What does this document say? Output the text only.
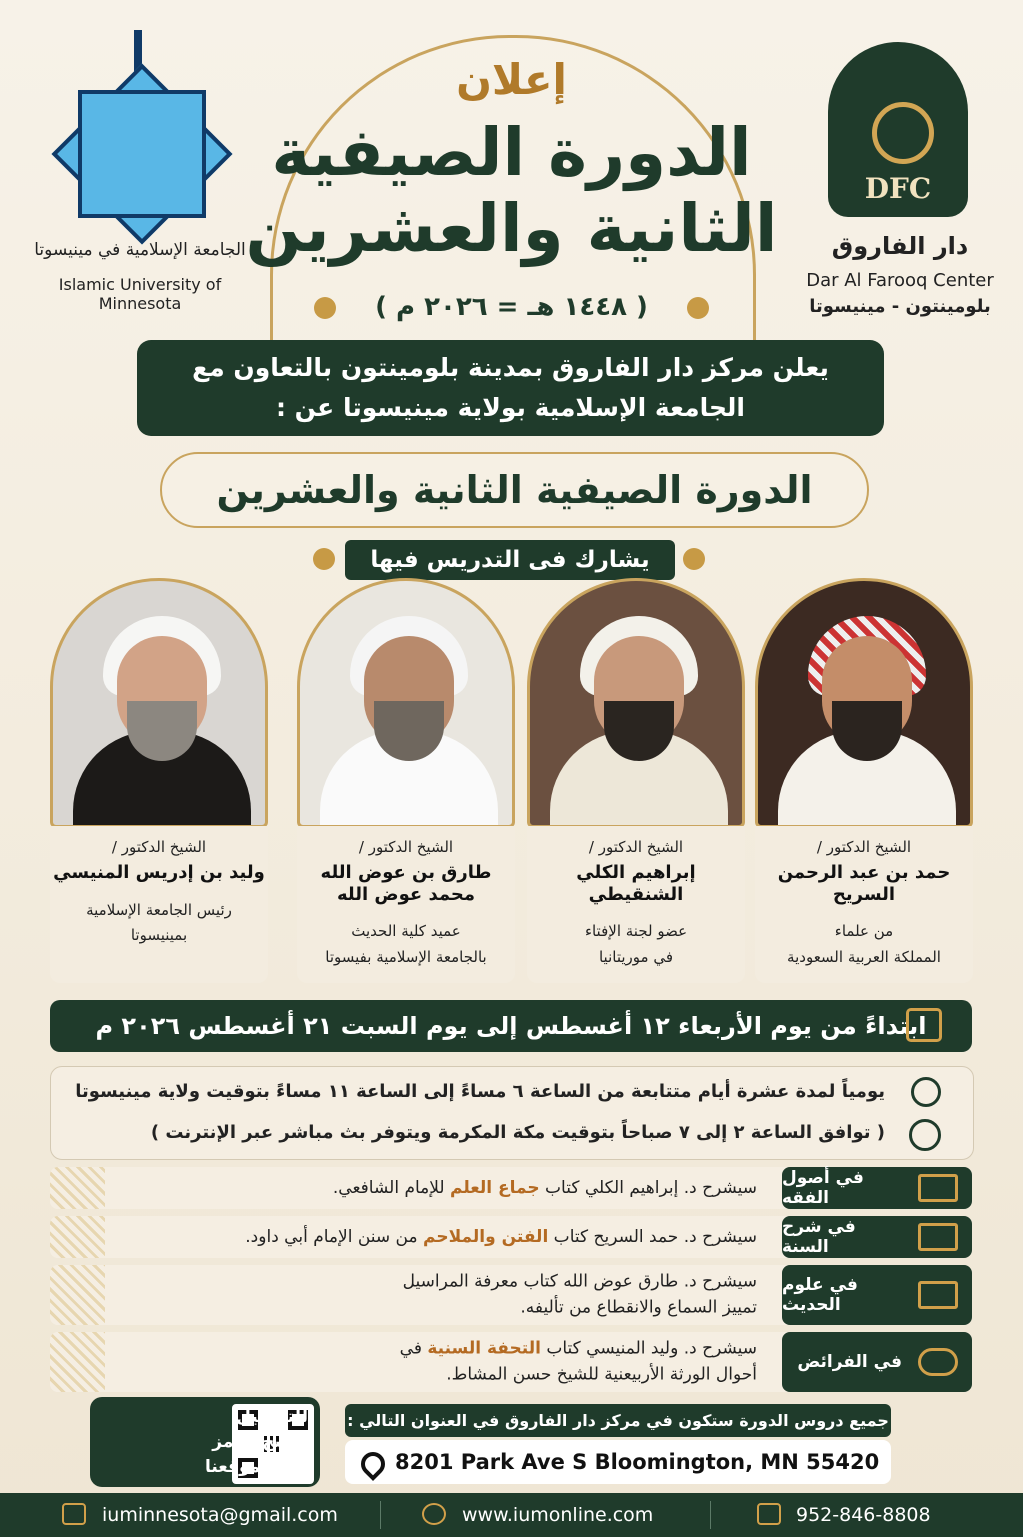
الجامعة الإسلامية في مينيسوتا
Islamic University of Minnesota
DFC
دار الفاروق
Dar Al Farooq Center
بلومينتون - مينيسوتا
إعلان
الدورة الصيفية
الثانية والعشرين
( ١٤٤٨ هـ = ٢٠٢٦ م )
يعلن مركز دار الفاروق بمدينة بلومينتون بالتعاون مع
الجامعة الإسلامية بولاية مينيسوتا عن :
الدورة الصيفية الثانية والعشرين
يشارك فى التدريس فيها
الشيخ الدكتور /
حمد بن عبد الرحمن السريح
من علماء
المملكة العربية السعودية
الشيخ الدكتور /
إبراهيم الكلي الشنقيطي
عضو لجنة الإفتاء
في موريتانيا
الشيخ الدكتور /
طارق بن عوض الله محمد عوض الله
عميد كلية الحديث
بالجامعة الإسلامية بفيسوتا
الشيخ الدكتور /
وليد بن إدريس المنيسي
رئيس الجامعة الإسلامية
بمينيسوتا
ابتداءً من يوم الأربعاء ١٢ أغسطس إلى يوم السبت ٢١ أغسطس ٢٠٢٦ م
يومياً لمدة عشرة أيام متتابعة من الساعة ٦ مساءً إلى الساعة ١١ مساءً بتوقيت ولاية مينيسوتا
( توافق الساعة ٢ إلى ٧ صباحاً بتوقيت مكة المكرمة ويتوفر بث مباشر عبر الإنترنت )
في أصول الفقه
سيشرح د. إبراهيم الكلي كتاب جماع العلم للإمام الشافعي.
في شرح السنة
سيشرح د. حمد السريح كتاب الفتن والملاحم من سنن الإمام أبي داود.
في علوم الحديث
سيشرح د. طارق عوض الله كتاب معرفة المراسيل
تمييز السماع والانقطاع من تأليفه.
في الفرائض
سيشرح د. وليد المنيسي كتاب التحفة السنية في
أحوال الورثة الأربيعنية للشيخ حسن المشاط.
للتسجيل
امسح الرمز
أو زر موقعنا
جميع دروس الدورة ستكون في مركز دار الفاروق في العنوان التالي :
8201 Park Ave S Bloomington, MN 55420
iuminnesota@gmail.com	www.iumonline.com	952-846-8808
